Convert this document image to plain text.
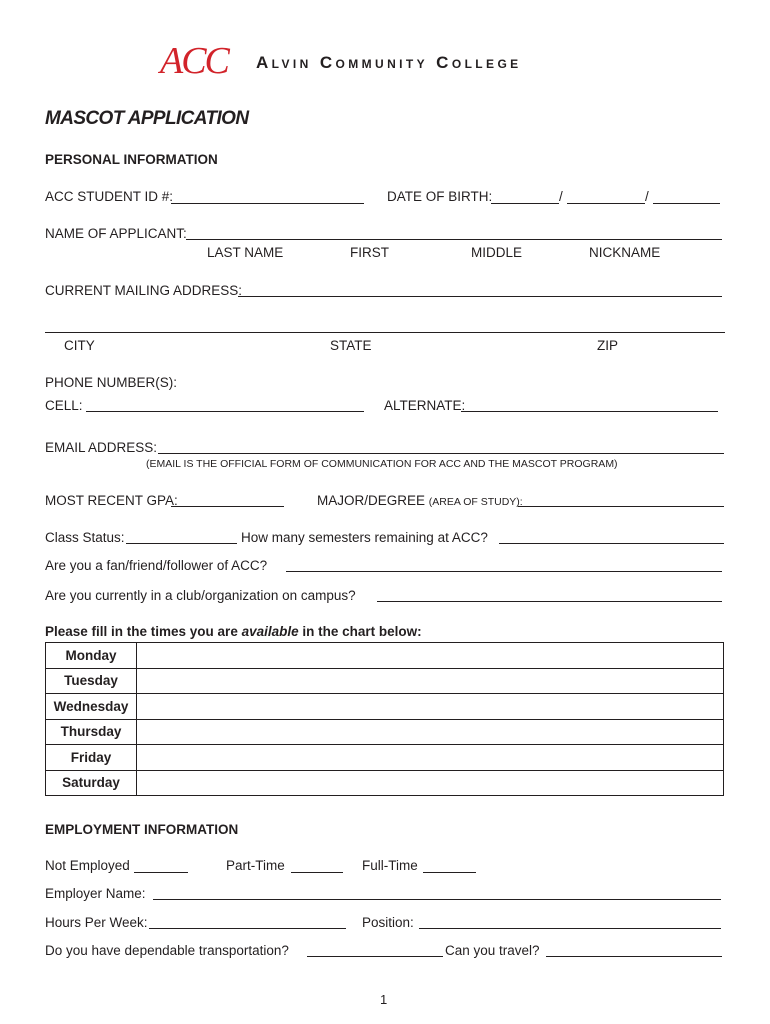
ACC Alvin Community College
MASCOT APPLICATION
PERSONAL INFORMATION
ACC STUDENT ID #:	DATE OF BIRTH:	/	/
NAME OF APPLICANT:
LAST NAME	FIRST	MIDDLE	NICKNAME
CURRENT MAILING ADDRESS:
CITY	STATE	ZIP
PHONE NUMBER(S):
CELL:	ALTERNATE:
EMAIL ADDRESS:
(EMAIL IS THE OFFICIAL FORM OF COMMUNICATION FOR ACC AND THE MASCOT PROGRAM)
MOST RECENT GPA:	MAJOR/DEGREE (AREA OF STUDY):
Class Status:	How many semesters remaining at ACC?
Are you a fan/friend/follower of ACC?
Are you currently in a club/organization on campus?
Please fill in the times you are available in the chart below:
Monday	
Tuesday	
Wednesday	
Thursday	
Friday	
Saturday	
EMPLOYMENT INFORMATION
Not Employed	Part-Time	Full-Time
Employer Name:
Hours Per Week:	Position:
Do you have dependable transportation?	Can you travel?
1
